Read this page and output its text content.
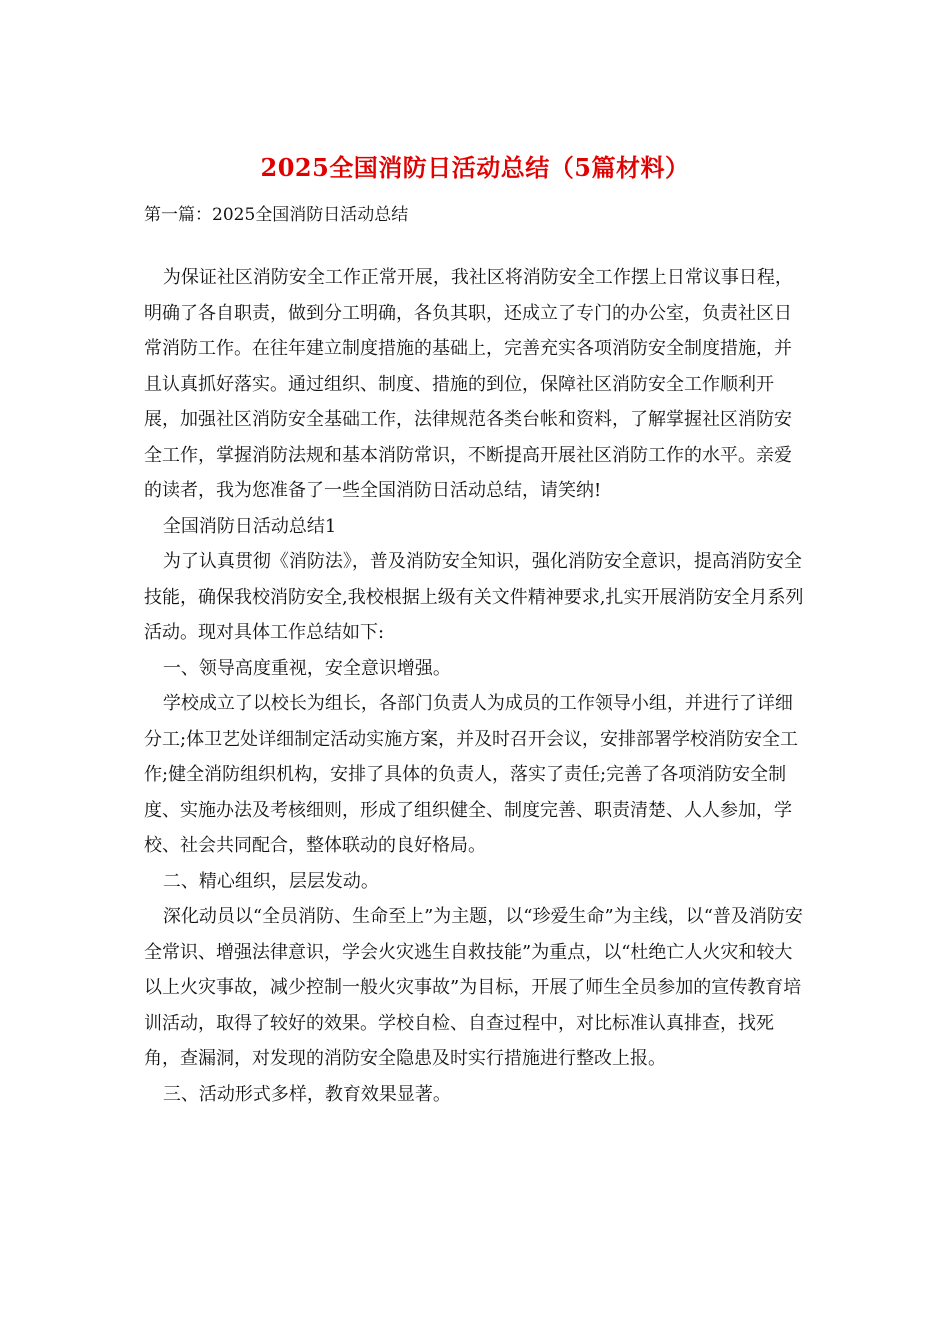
2025全国消防日活动总结（5篇材料）
第一篇：2025全国消防日活动总结

为保证社区消防安全工作正常开展，我社区将消防安全工作摆上日常议事日程，明确了各自职责，做到分工明确，各负其职，还成立了专门的办公室，负责社区日常消防工作。在往年建立制度措施的基础上，完善充实各项消防安全制度措施，并且认真抓好落实。通过组织、制度、措施的到位，保障社区消防安全工作顺利开展，加强社区消防安全基础工作，法律规范各类台帐和资料，了解掌握社区消防安全工作，掌握消防法规和基本消防常识，不断提高开展社区消防工作的水平。亲爱的读者，我为您准备了一些全国消防日活动总结，请笑纳!

全国消防日活动总结1

为了认真贯彻《消防法》，普及消防安全知识，强化消防安全意识，提高消防安全技能，确保我校消防安全,我校根据上级有关文件精神要求,扎实开展消防安全月系列活动。现对具体工作总结如下:

一、领导高度重视，安全意识增强。

学校成立了以校长为组长，各部门负责人为成员的工作领导小组，并进行了详细分工;体卫艺处详细制定活动实施方案，并及时召开会议，安排部署学校消防安全工作;健全消防组织机构，安排了具体的负责人，落实了责任;完善了各项消防安全制度、实施办法及考核细则，形成了组织健全、制度完善、职责清楚、人人参加，学校、社会共同配合，整体联动的良好格局。

二、精心组织，层层发动。

深化动员以“全员消防、生命至上”为主题，以“珍爱生命”为主线，以“普及消防安全常识、增强法律意识，学会火灾逃生自救技能”为重点，以“杜绝亡人火灾和较大以上火灾事故，减少控制一般火灾事故”为目标，开展了师生全员参加的宣传教育培训活动，取得了较好的效果。学校自检、自查过程中，对比标准认真排查，找死角，查漏洞，对发现的消防安全隐患及时实行措施进行整改上报。

三、活动形式多样，教育效果显著。
